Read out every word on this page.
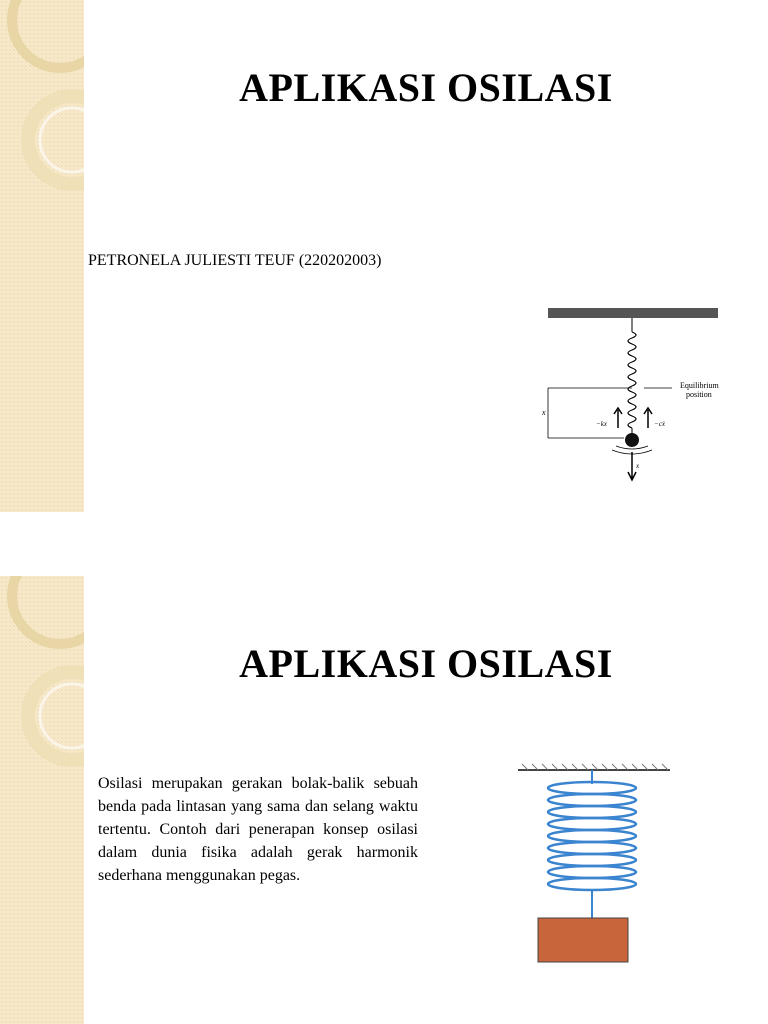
APLIKASI OSILASI
PETRONELA JULIESTI TEUF (220202003)
Equilibrium
position
x
−kx	−cẋ
x
APLIKASI OSILASI
Osilasi merupakan gerakan bolak-balik sebuah benda pada lintasan yang sama dan selang waktu tertentu. Contoh dari penerapan konsep osilasi dalam dunia fisika adalah gerak harmonik sederhana menggunakan pegas.
